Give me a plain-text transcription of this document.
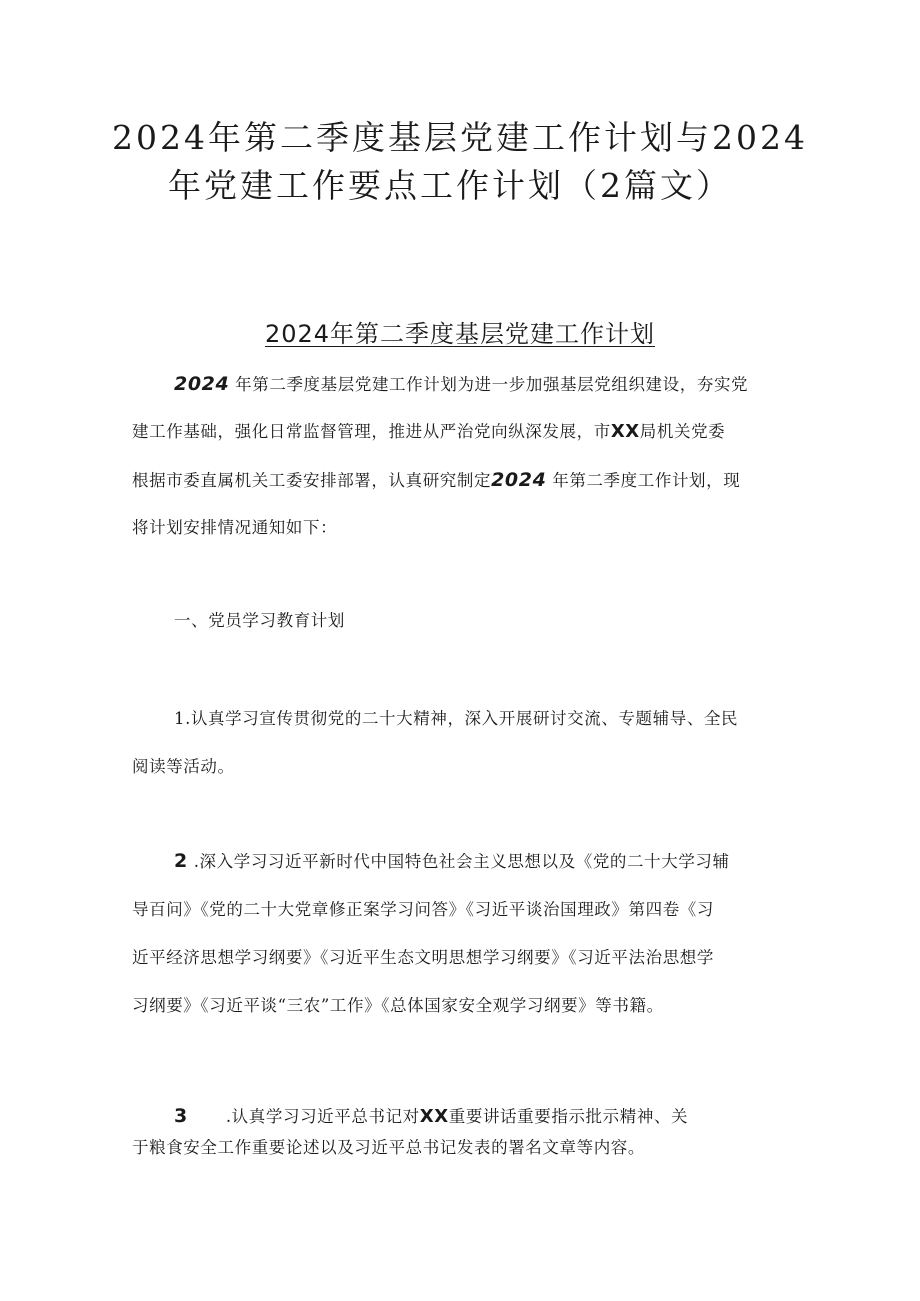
2024年第二季度基层党建工作计划与2024
年党建工作要点工作计划（2篇文）
2024年第二季度基层党建工作计划
2024 年第二季度基层党建工作计划为进一步加强基层党组织建设，夯实党
建工作基础，强化日常监督管理，推进从严治党向纵深发展，市XX局机关党委
根据市委直属机关工委安排部署，认真研究制定2024 年第二季度工作计划，现
将计划安排情况通知如下：
一、党员学习教育计划
1.认真学习宣传贯彻党的二十大精神，深入开展研讨交流、专题辅导、全民
阅读等活动。
2 .深入学习习近平新时代中国特色社会主义思想以及《党的二十大学习辅
导百问》《党的二十大党章修正案学习问答》《习近平谈治国理政》第四卷《习
近平经济思想学习纲要》《习近平生态文明思想学习纲要》《习近平法治思想学
习纲要》《习近平谈“三农”工作》《总体国家安全观学习纲要》等书籍。
3 .认真学习习近平总书记对XX重要讲话重要指示批示精神、关
于粮食安全工作重要论述以及习近平总书记发表的署名文章等内容。
